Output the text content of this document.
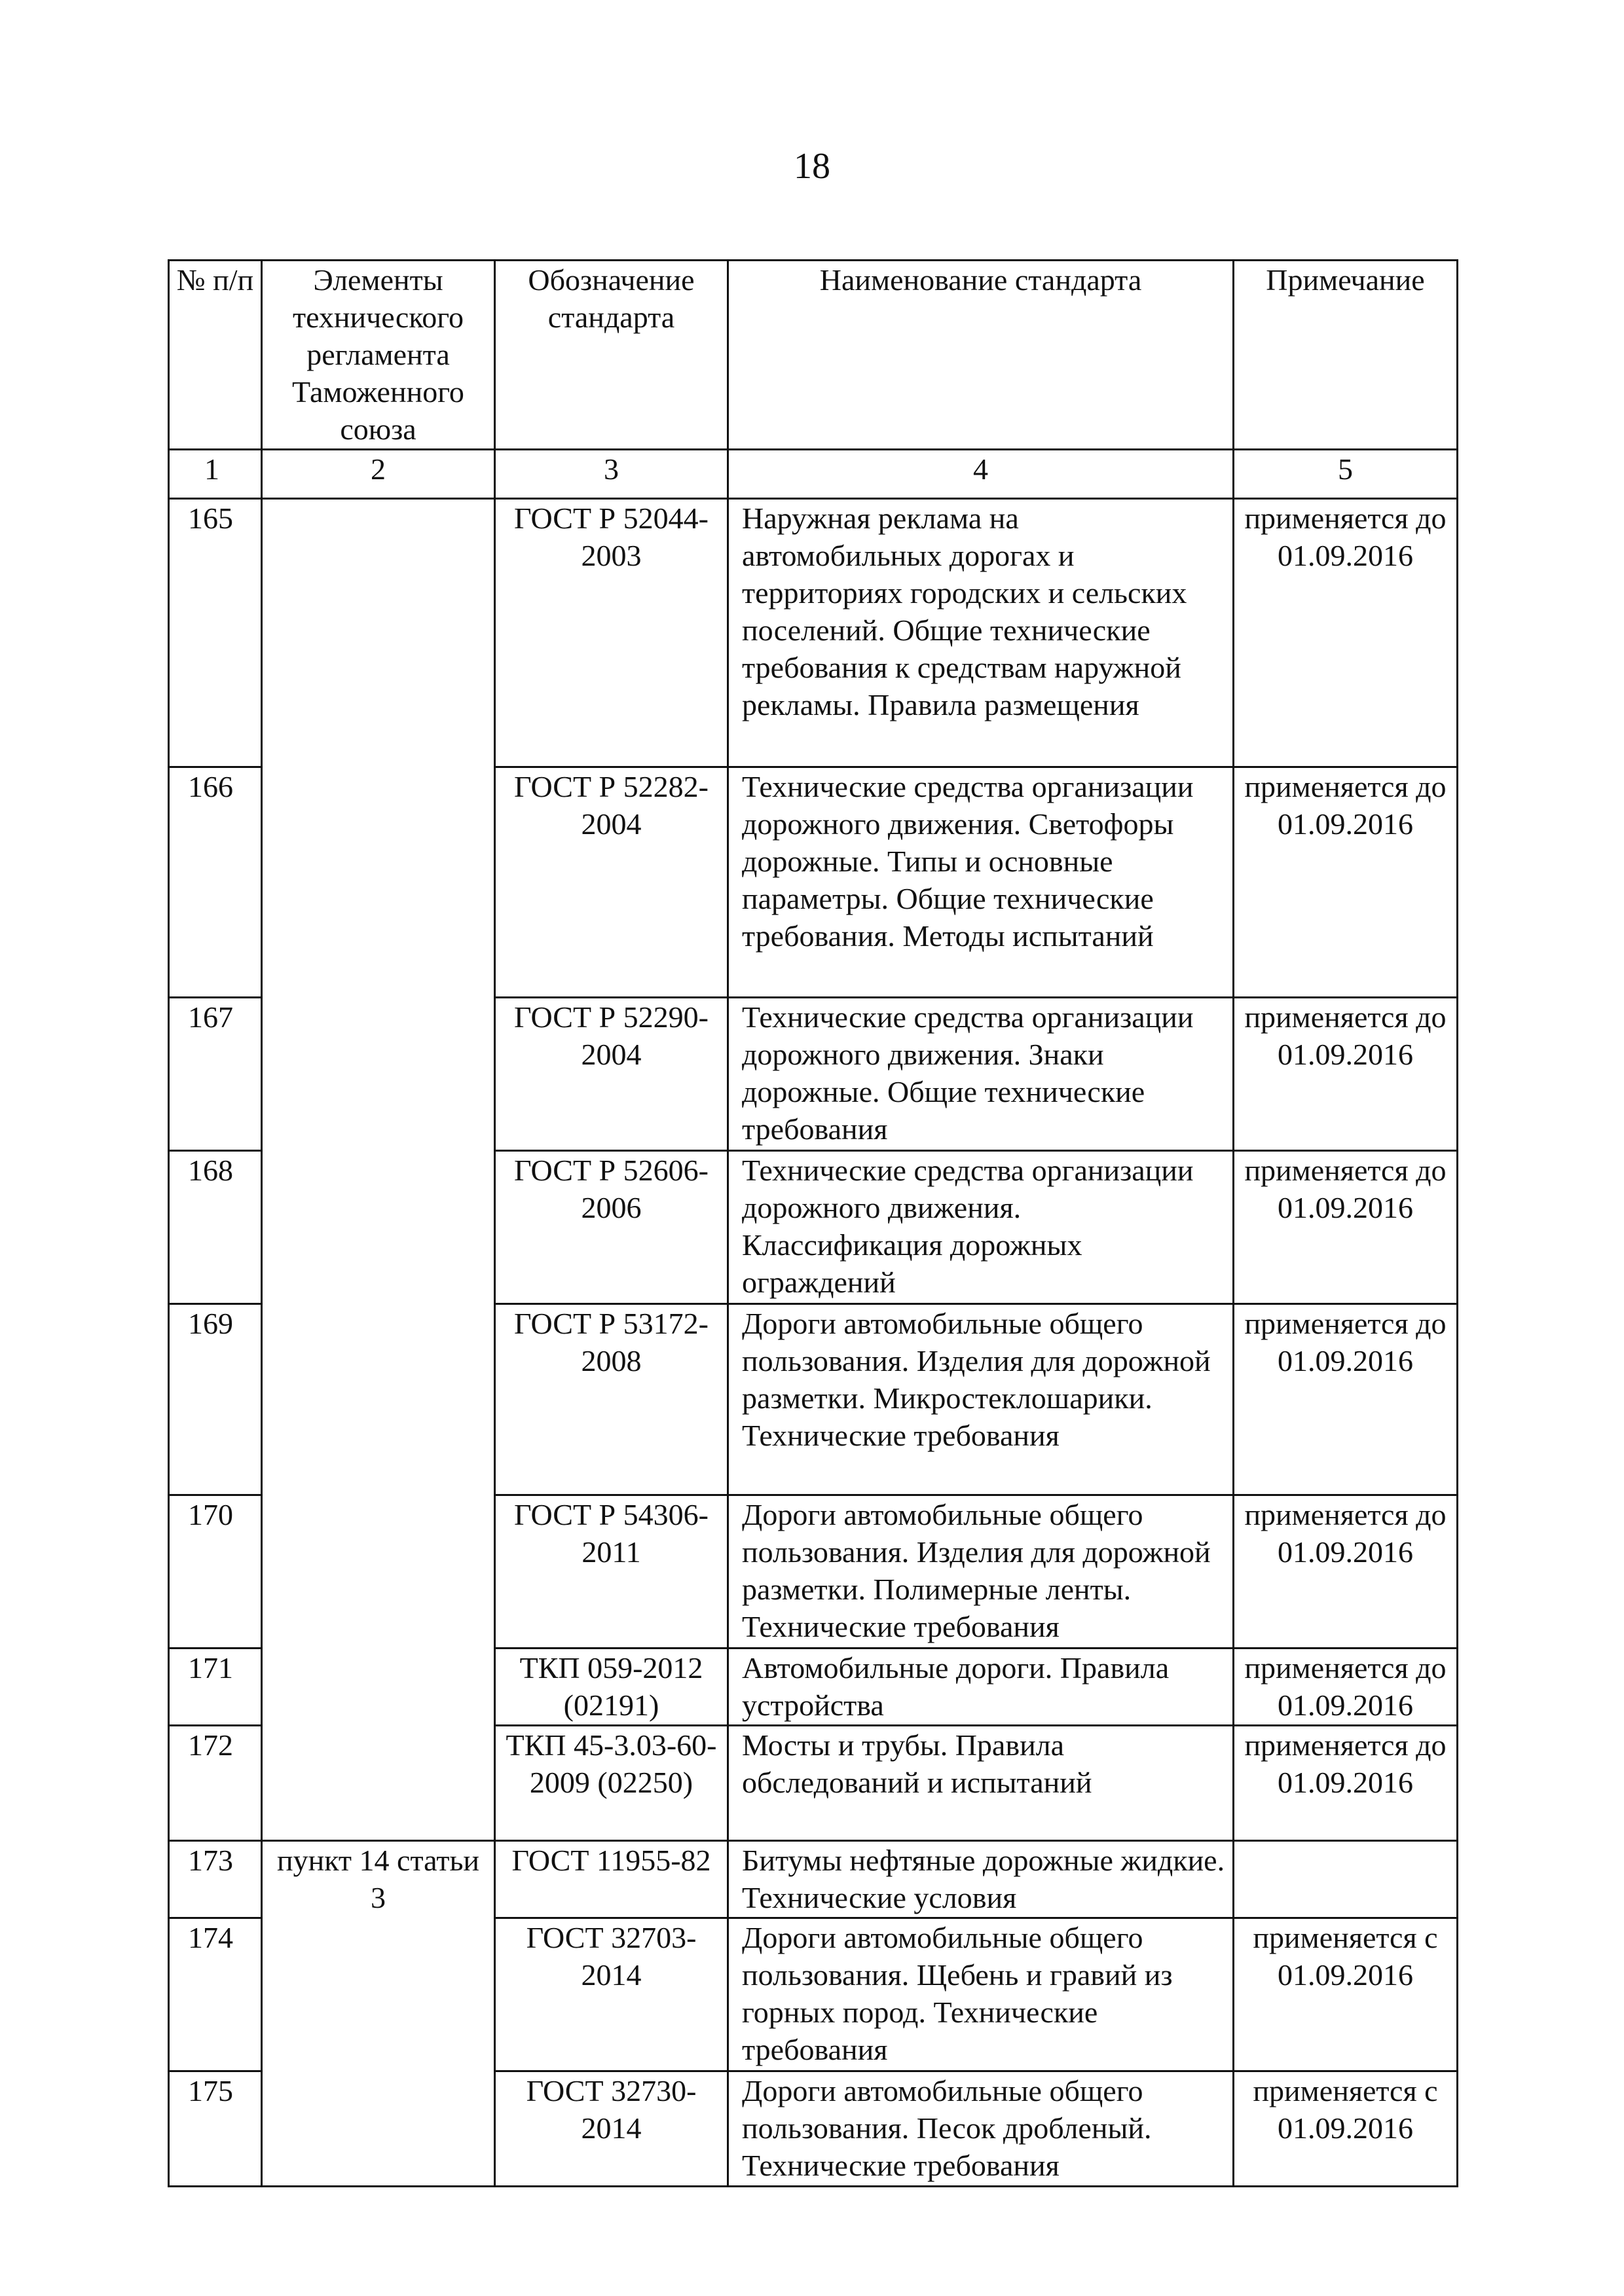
18
№ п/п	Элементы технического регламента Таможенного союза	Обозначение стандарта	Наименование стандарта	Примечание
1	2	3	4	5
165		ГОСТ Р 52044-2003	Наружная реклама на автомобильных дорогах и территориях городских и сельских поселений. Общие технические требования к средствам наружной рекламы. Правила размещения	применяется до 01.09.2016
166		ГОСТ Р 52282-2004	Технические средства организации дорожного движения. Светофоры дорожные. Типы и основные параметры. Общие технические требования. Методы испытаний	применяется до 01.09.2016
167		ГОСТ Р 52290-2004	Технические средства организации дорожного движения. Знаки дорожные. Общие технические требования	применяется до 01.09.2016
168		ГОСТ Р 52606-2006	Технические средства организации дорожного движения. Классификация дорожных ограждений	применяется до 01.09.2016
169		ГОСТ Р 53172-2008	Дороги автомобильные общего пользования. Изделия для дорожной разметки. Микростеклошарики. Технические требования	применяется до 01.09.2016
170		ГОСТ Р 54306-2011	Дороги автомобильные общего пользования. Изделия для дорожной разметки. Полимерные ленты. Технические требования	применяется до 01.09.2016
171		ТКП 059-2012 (02191)	Автомобильные дороги. Правила устройства	применяется до 01.09.2016
172		ТКП 45-3.03-60-2009 (02250)	Мосты и трубы. Правила обследований и испытаний	применяется до 01.09.2016
173	пункт 14 статьи 3	ГОСТ 11955-82	Битумы нефтяные дорожные жидкие. Технические условия	
174		ГОСТ 32703-2014	Дороги автомобильные общего пользования. Щебень и гравий из горных пород. Технические требования	применяется с 01.09.2016
175		ГОСТ 32730-2014	Дороги автомобильные общего пользования. Песок дробленый. Технические требования	применяется с 01.09.2016
